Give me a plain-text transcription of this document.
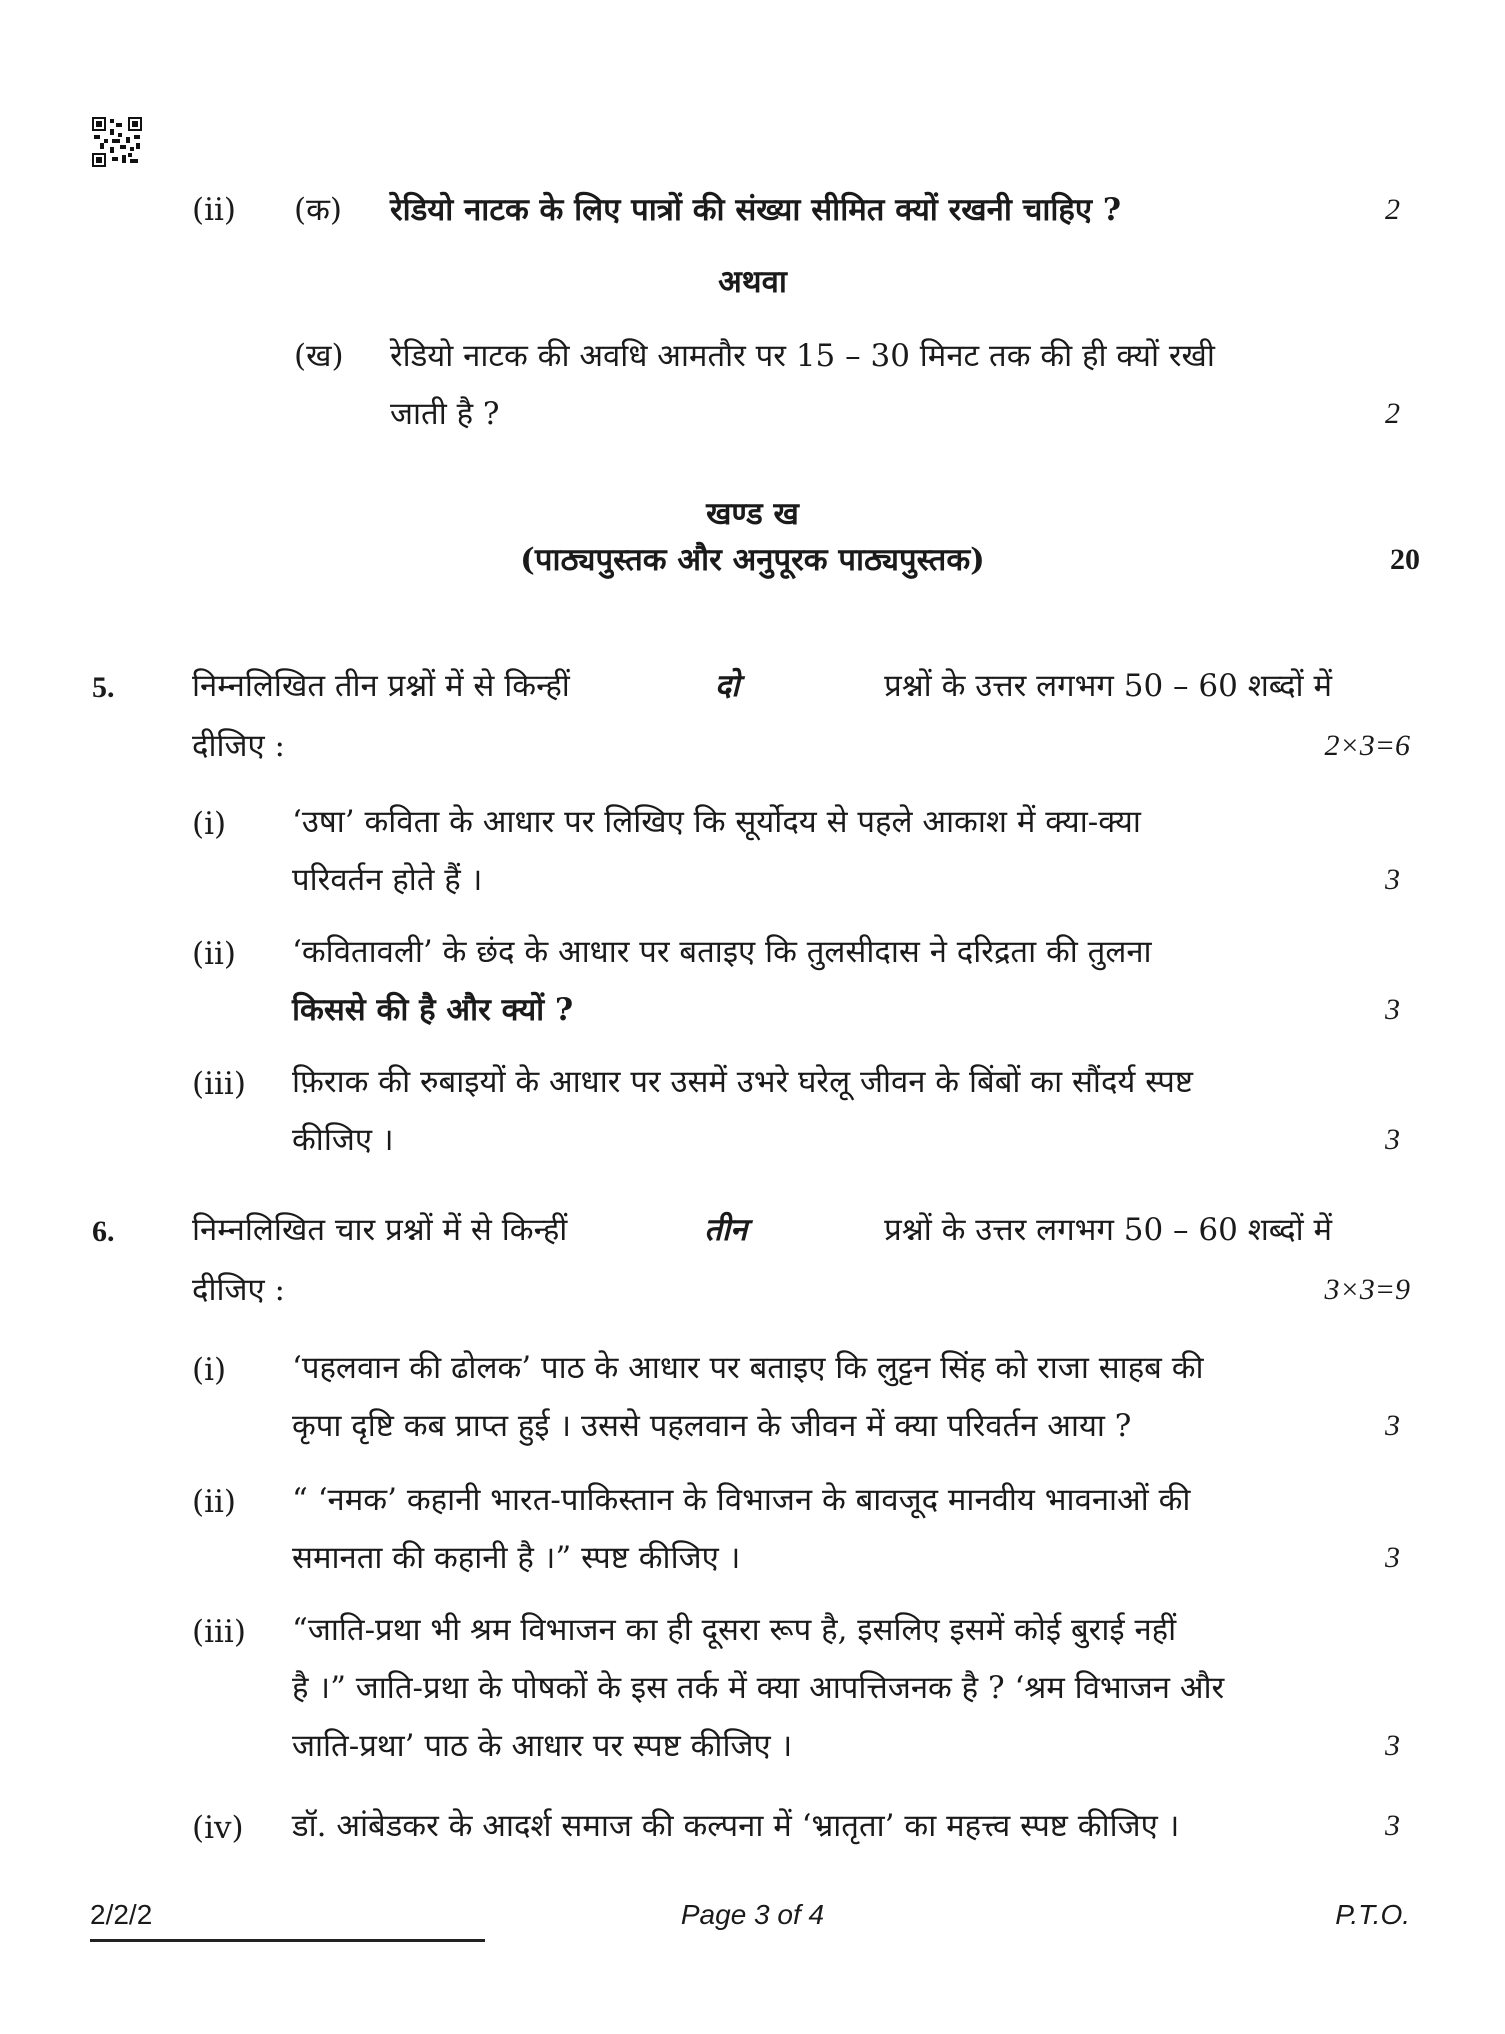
(ii) (क) रेडियो नाटक के लिए पात्रों की संख्या सीमित क्यों रखनी चाहिए ?	2
अथवा
(ख) रेडियो नाटक की अवधि आमतौर पर 15 – 30 मिनट तक की ही क्यों रखी
जाती है ?	2
खण्ड ख
(पाठ्यपुस्तक और अनुपूरक पाठ्यपुस्तक)	20
5.	निम्नलिखित तीन प्रश्नों में से किन्हीं	दो	प्रश्नों के उत्तर लगभग 50 – 60 शब्दों में
दीजिए :	2×3=6
(i) ‘उषा’ कविता के आधार पर लिखिए कि सूर्योदय से पहले आकाश में क्या-क्या
परिवर्तन होते हैं ।	3
(ii) ‘कवितावली’ के छंद के आधार पर बताइए कि तुलसीदास ने दरिद्रता की तुलना
किससे की है और क्यों ?	3
(iii) फ़िराक की रुबाइयों के आधार पर उसमें उभरे घरेलू जीवन के बिंबों का सौंदर्य स्पष्ट
कीजिए ।	3
6.	निम्नलिखित चार प्रश्नों में से किन्हीं	तीन	प्रश्नों के उत्तर लगभग 50 – 60 शब्दों में
दीजिए :	3×3=9
(i) ‘पहलवान की ढोलक’ पाठ के आधार पर बताइए कि लुट्टन सिंह को राजा साहब की
कृपा दृष्टि कब प्राप्त हुई । उससे पहलवान के जीवन में क्या परिवर्तन आया ?	3
(ii) “ ‘नमक’ कहानी भारत-पाकिस्तान के विभाजन के बावजूद मानवीय भावनाओं की
समानता की कहानी है ।” स्पष्ट कीजिए ।	3
(iii) “जाति-प्रथा भी श्रम विभाजन का ही दूसरा रूप है, इसलिए इसमें कोई बुराई नहीं
है ।” जाति-प्रथा के पोषकों के इस तर्क में क्या आपत्तिजनक है ? ‘श्रम विभाजन और
जाति-प्रथा’ पाठ के आधार पर स्पष्ट कीजिए ।	3
(iv) डॉ. आंबेडकर के आदर्श समाज की कल्पना में ‘भ्रातृता’ का महत्त्व स्पष्ट कीजिए ।	3
2/2/2	Page 3 of 4	P.T.O.
